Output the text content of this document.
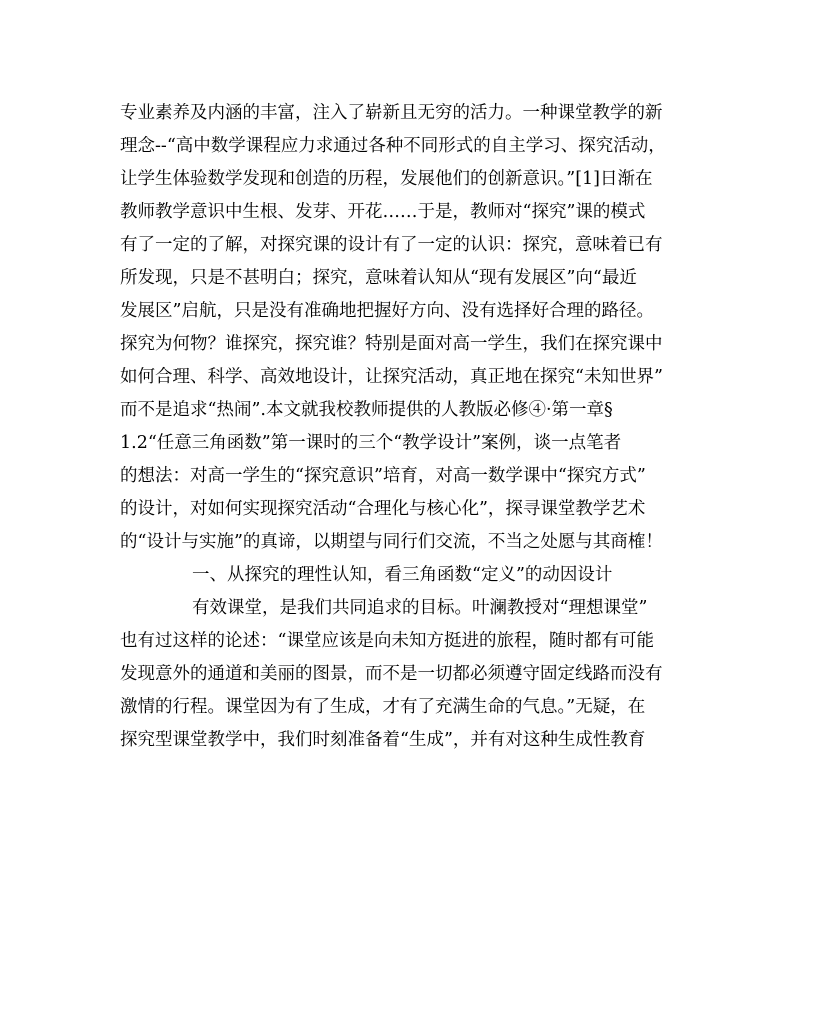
专业素养及内涵的丰富，注入了崭新且无穷的活力。一种课堂教学的新
理念--“高中数学课程应力求通过各种不同形式的自主学习、探究活动，
让学生体验数学发现和创造的历程，发展他们的创新意识。”[1]日渐在
教师教学意识中生根、发芽、开花……于是，教师对“探究”课的模式
有了一定的了解，对探究课的设计有了一定的认识：探究，意味着已有
所发现，只是不甚明白；探究，意味着认知从“现有发展区”向“最近
发展区”启航，只是没有准确地把握好方向、没有选择好合理的路径。
探究为何物？谁探究，探究谁？特别是面对高一学生，我们在探究课中
如何合理、科学、高效地设计，让探究活动，真正地在探究“未知世界”
而不是追求“热闹”.本文就我校教师提供的人教版必修④·第一章§
1.2“任意三角函数”第一课时的三个“教学设计”案例，谈一点笔者
的想法：对高一学生的“探究意识”培育，对高一数学课中“探究方式”
的设计，对如何实现探究活动“合理化与核心化”，探寻课堂教学艺术
的“设计与实施”的真谛，以期望与同行们交流，不当之处愿与其商榷！
一、从探究的理性认知，看三角函数“定义”的动因设计
有效课堂，是我们共同追求的目标。叶澜教授对“理想课堂”
也有过这样的论述：“课堂应该是向未知方挺进的旅程，随时都有可能
发现意外的通道和美丽的图景，而不是一切都必须遵守固定线路而没有
激情的行程。课堂因为有了生成，才有了充满生命的气息。”无疑，在
探究型课堂教学中，我们时刻准备着“生成”，并有对这种生成性教育
